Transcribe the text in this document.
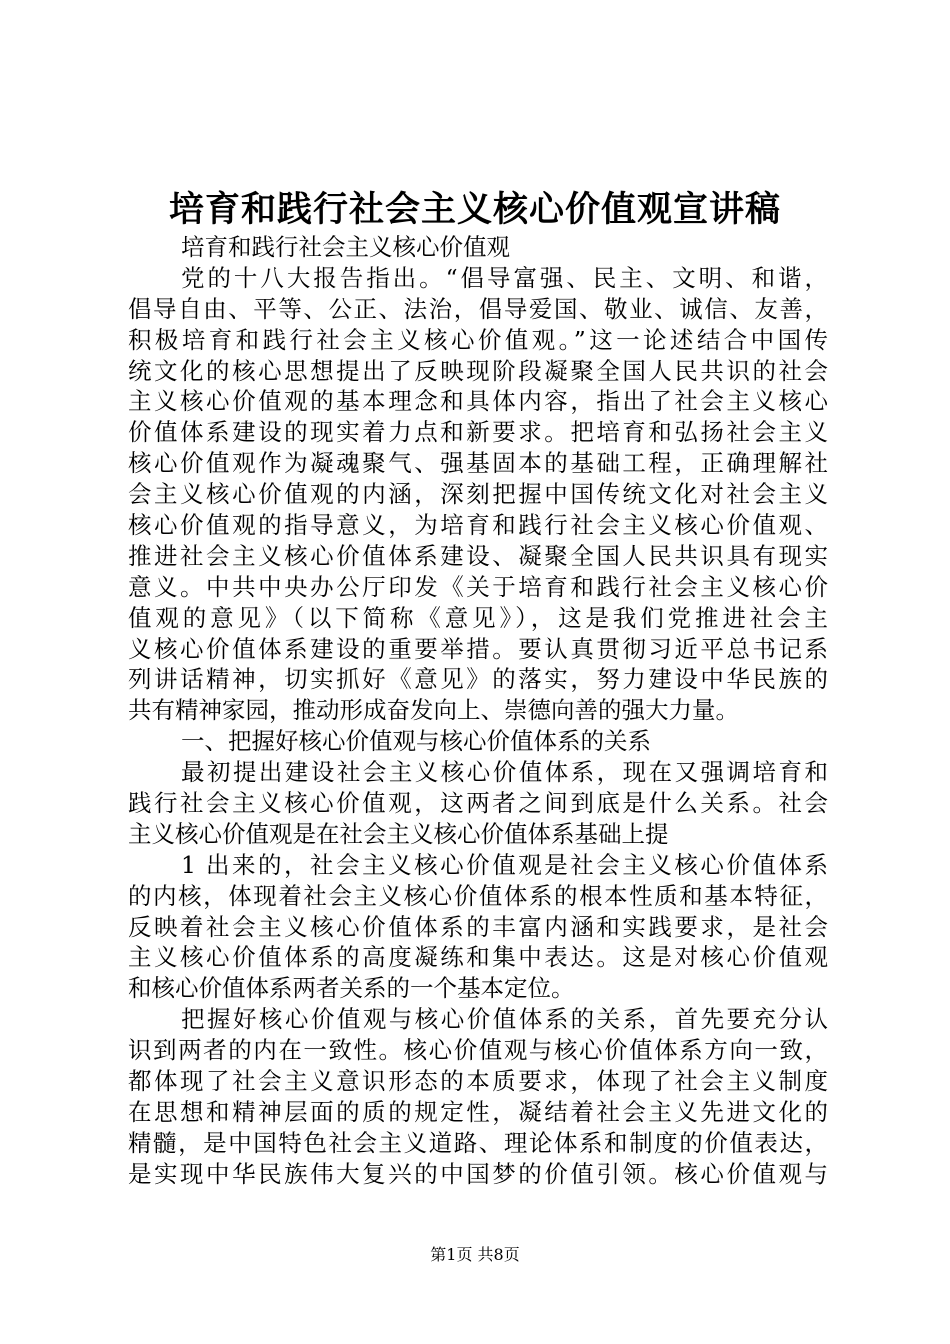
培育和践行社会主义核心价值观宣讲稿
培育和践行社会主义核心价值观
党的十八大报告指出。“倡导富强、民主、文明、和谐，
倡导自由、平等、公正、法治，倡导爱国、敬业、诚信、友善，
积极培育和践行社会主义核心价值观。”这一论述结合中国传
统文化的核心思想提出了反映现阶段凝聚全国人民共识的社会
主义核心价值观的基本理念和具体内容，指出了社会主义核心
价值体系建设的现实着力点和新要求。把培育和弘扬社会主义
核心价值观作为凝魂聚气、强基固本的基础工程，正确理解社
会主义核心价值观的内涵，深刻把握中国传统文化对社会主义
核心价值观的指导意义，为培育和践行社会主义核心价值观、
推进社会主义核心价值体系建设、凝聚全国人民共识具有现实
意义。中共中央办公厅印发《关于培育和践行社会主义核心价
值观的意见》（以下简称《意见》），这是我们党推进社会主
义核心价值体系建设的重要举措。要认真贯彻习近平总书记系
列讲话精神，切实抓好《意见》的落实，努力建设中华民族的
共有精神家园，推动形成奋发向上、崇德向善的强大力量。
一、把握好核心价值观与核心价值体系的关系
最初提出建设社会主义核心价值体系，现在又强调培育和
践行社会主义核心价值观，这两者之间到底是什么关系。社会
主义核心价值观是在社会主义核心价值体系基础上提
1 出来的，社会主义核心价值观是社会主义核心价值体系
的内核，体现着社会主义核心价值体系的根本性质和基本特征，
反映着社会主义核心价值体系的丰富内涵和实践要求，是社会
主义核心价值体系的高度凝练和集中表达。这是对核心价值观
和核心价值体系两者关系的一个基本定位。
把握好核心价值观与核心价值体系的关系，首先要充分认
识到两者的内在一致性。核心价值观与核心价值体系方向一致，
都体现了社会主义意识形态的本质要求，体现了社会主义制度
在思想和精神层面的质的规定性，凝结着社会主义先进文化的
精髓，是中国特色社会主义道路、理论体系和制度的价值表达，
是实现中华民族伟大复兴的中国梦的价值引领。核心价值观与
第1页 共8页
